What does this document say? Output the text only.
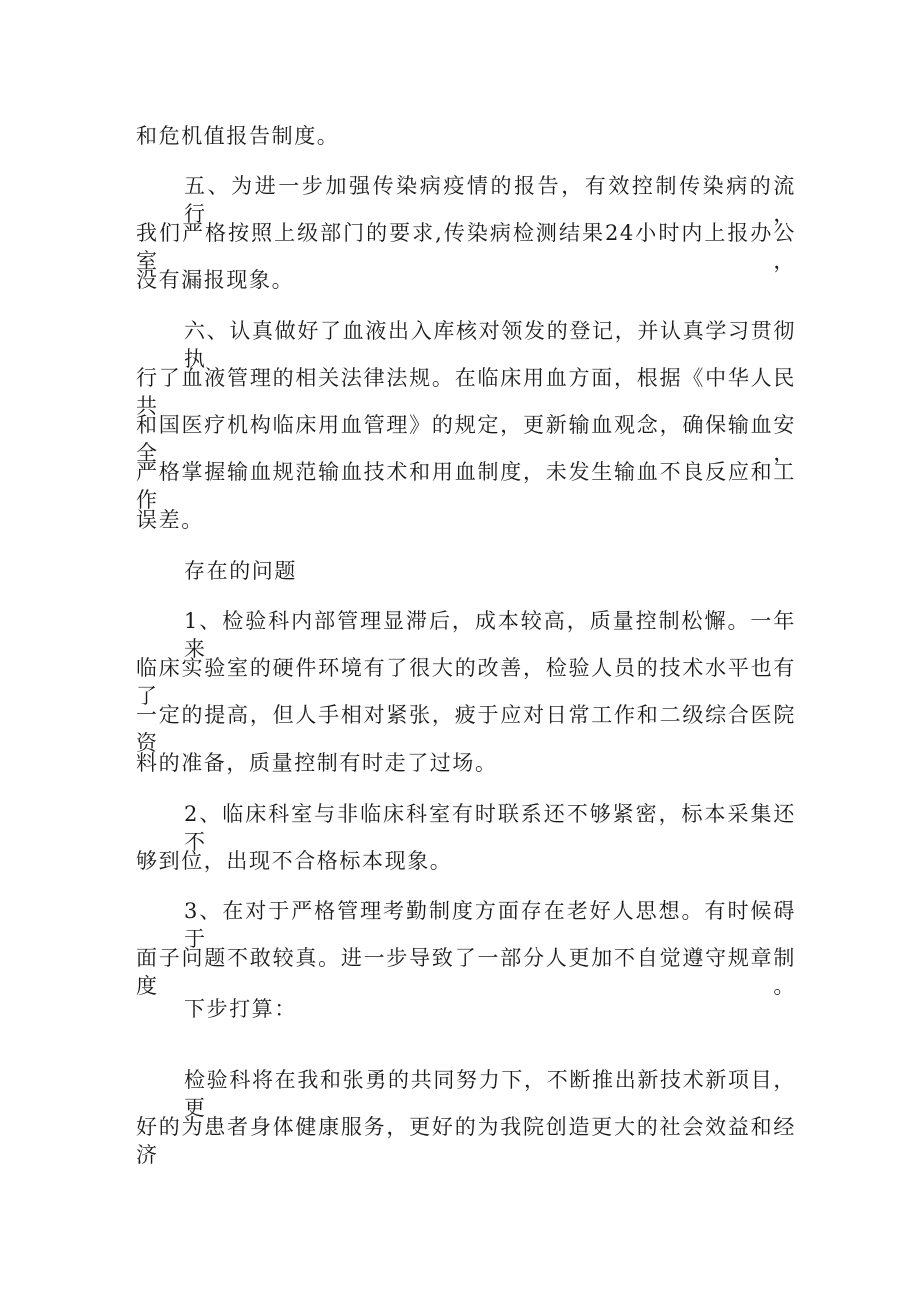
和危机值报告制度。

五、为进一步加强传染病疫情的报告，有效控制传染病的流行，

我们严格按照上级部门的要求,传染病检测结果24小时内上报办公室，

没有漏报现象。

六、认真做好了血液出入库核对领发的登记，并认真学习贯彻执

行了血液管理的相关法律法规。在临床用血方面，根据《中华人民共

和国医疗机构临床用血管理》的规定，更新输血观念，确保输血安全，

严格掌握输血规范输血技术和用血制度，未发生输血不良反应和工作

误差。

存在的问题

1、检验科内部管理显滞后，成本较高，质量控制松懈。一年来

临床实验室的硬件环境有了很大的改善，检验人员的技术水平也有了

一定的提高，但人手相对紧张，疲于应对日常工作和二级综合医院资

料的准备，质量控制有时走了过场。

2、临床科室与非临床科室有时联系还不够紧密，标本采集还不

够到位，出现不合格标本现象。

3、在对于严格管理考勤制度方面存在老好人思想。有时候碍于

面子问题不敢较真。进一步导致了一部分人更加不自觉遵守规章制度。

下步打算：

检验科将在我和张勇的共同努力下，不断推出新技术新项目，更

好的为患者身体健康服务，更好的为我院创造更大的社会效益和经济
